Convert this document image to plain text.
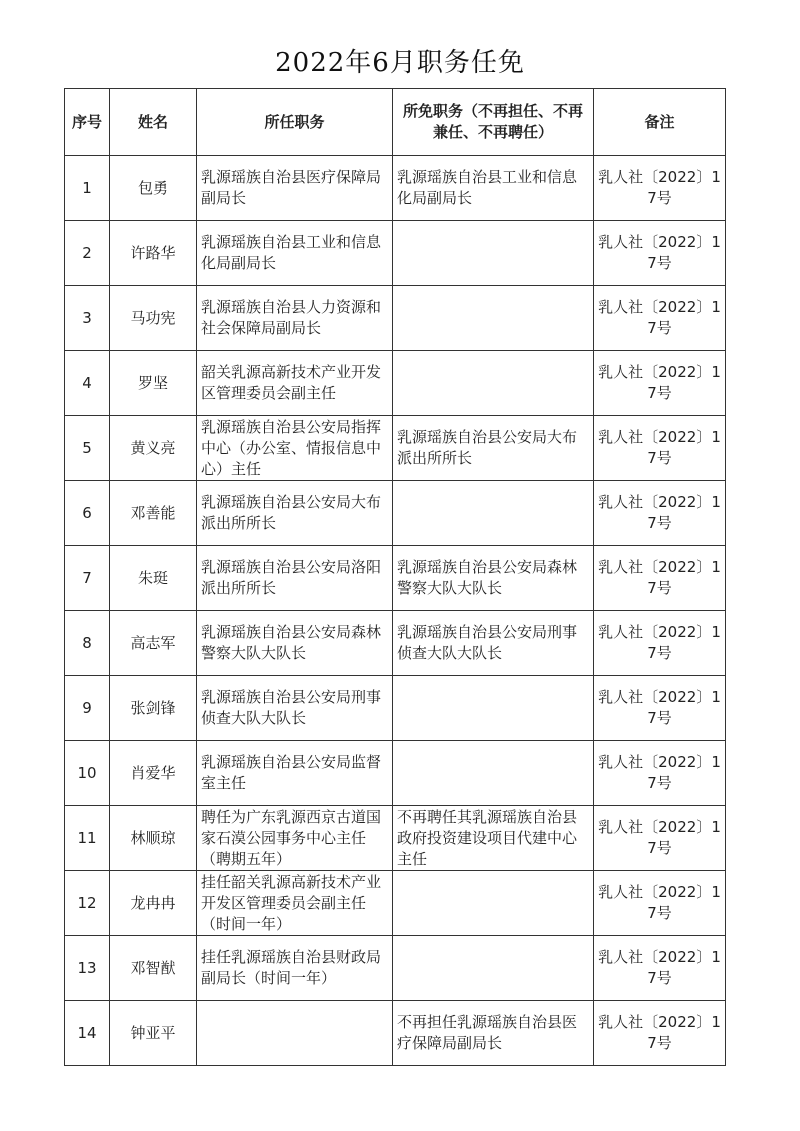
2022年6月职务任免
序号	姓名	所任职务	所免职务（不再担任、不再兼任、不再聘任）	备注
1	包勇	乳源瑶族自治县医疗保障局副局长	乳源瑶族自治县工业和信息化局副局长	乳人社〔2022〕17号
2	许路华	乳源瑶族自治县工业和信息化局副局长		乳人社〔2022〕17号
3	马功宪	乳源瑶族自治县人力资源和社会保障局副局长		乳人社〔2022〕17号
4	罗坚	韶关乳源高新技术产业开发区管理委员会副主任		乳人社〔2022〕17号
5	黄义亮	乳源瑶族自治县公安局指挥中心（办公室、情报信息中心）主任	乳源瑶族自治县公安局大布派出所所长	乳人社〔2022〕17号
6	邓善能	乳源瑶族自治县公安局大布派出所所长		乳人社〔2022〕17号
7	朱珽	乳源瑶族自治县公安局洛阳派出所所长	乳源瑶族自治县公安局森林警察大队大队长	乳人社〔2022〕17号
8	高志军	乳源瑶族自治县公安局森林警察大队大队长	乳源瑶族自治县公安局刑事侦查大队大队长	乳人社〔2022〕17号
9	张剑锋	乳源瑶族自治县公安局刑事侦查大队大队长		乳人社〔2022〕17号
10	肖爱华	乳源瑶族自治县公安局监督室主任		乳人社〔2022〕17号
11	林顺琼	聘任为广东乳源西京古道国家石漠公园事务中心主任（聘期五年）	不再聘任其乳源瑶族自治县政府投资建设项目代建中心主任	乳人社〔2022〕17号
12	龙冉冉	挂任韶关乳源高新技术产业开发区管理委员会副主任（时间一年）		乳人社〔2022〕17号
13	邓智猷	挂任乳源瑶族自治县财政局副局长（时间一年）		乳人社〔2022〕17号
14	钟亚平		不再担任乳源瑶族自治县医疗保障局副局长	乳人社〔2022〕17号
